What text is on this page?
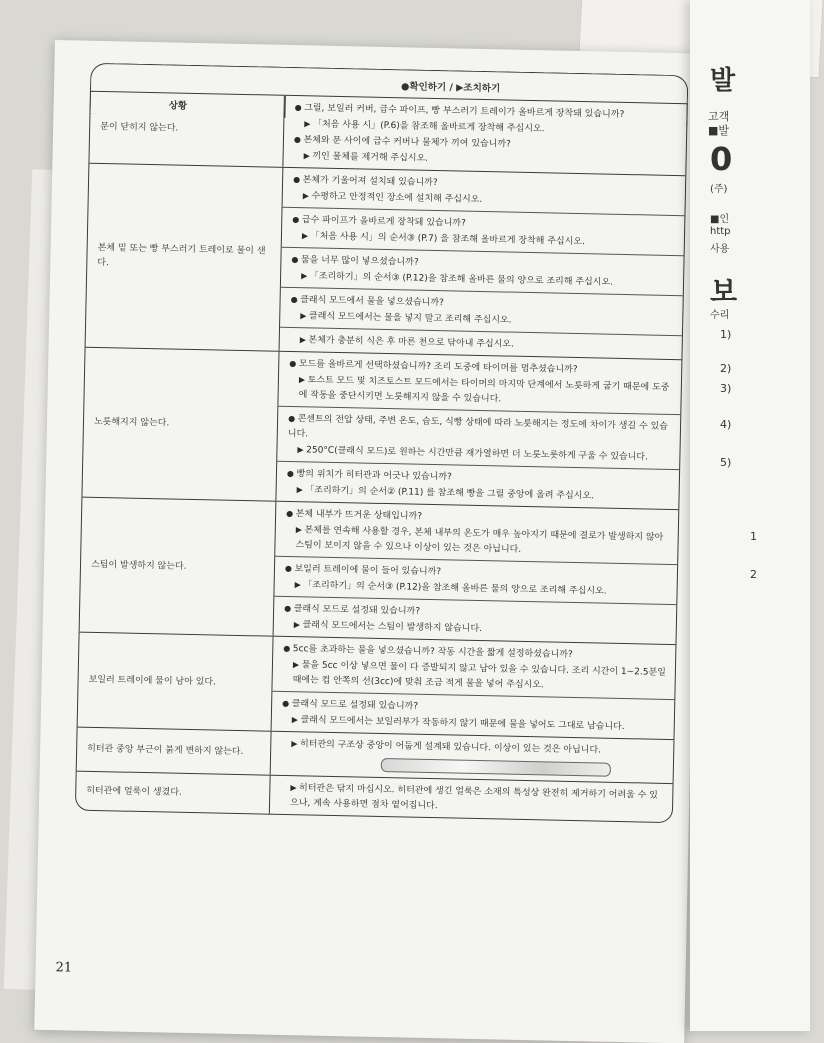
●확인하기 / ▶조치하기
상황
문이 닫히지 않는다.
● 그릴, 보일러 커버, 급수 파이프, 빵 부스러기 트레이가 올바르게 장착돼 있습니까?
▶ 「처음 사용 시」(P.6)을 참조해 올바르게 장착해 주십시오.
● 본체와 문 사이에 급수 커버나 물체가 끼여 있습니까?
▶ 끼인 물체를 제거해 주십시오.
본체 밑 또는 빵 부스러기 트레이로 물이 샌다.
● 본체가 기울어져 설치돼 있습니까?
▶ 수평하고 안정적인 장소에 설치해 주십시오.
● 급수 파이프가 올바르게 장착돼 있습니까?
▶ 「처음 사용 시」의 순서③ (P.7) 을 참조해 올바르게 장착해 주십시오.
● 물을 너무 많이 넣으셨습니까?
▶ 「조리하기」의 순서③ (P.12)을 참조해 올바른 물의 양으로 조리해 주십시오.
● 클래식 모드에서 물을 넣으셨습니까?
▶ 클래식 모드에서는 물을 넣지 말고 조리해 주십시오.
▶ 본체가 충분히 식은 후 마른 천으로 닦아내 주십시오.
노릇해지지 않는다.
● 모드를 올바르게 선택하셨습니까? 조리 도중에 타이머를 멈추셨습니까?
▶ 토스트 모드 및 치즈토스트 모드에서는 타이머의 마지막 단계에서 노릇하게 굽기 때문에 도중에 작동을 중단시키면 노릇해지지 않을 수 있습니다.
● 콘센트의 전압 상태, 주변 온도, 습도, 식빵 상태에 따라 노릇해지는 정도에 차이가 생길 수 있습니다.
▶ 250°C(클래식 모드)로 원하는 시간만큼 재가열하면 더 노릇노릇하게 구울 수 있습니다.
● 빵의 위치가 히터관과 어긋나 있습니까?
▶ 「조리하기」의 순서② (P.11) 를 참조해 빵을 그릴 중앙에 올려 주십시오.
스팀이 발생하지 않는다.
● 본체 내부가 뜨거운 상태입니까?
▶ 본체를 연속해 사용할 경우, 본체 내부의 온도가 매우 높아지기 때문에 결로가 발생하지 않아 스팀이 보이지 않을 수 있으나 이상이 있는 것은 아닙니다.
● 보일러 트레이에 물이 들어 있습니까?
▶ 「조리하기」의 순서③ (P.12)을 참조해 올바른 물의 양으로 조리해 주십시오.
● 클래식 모드로 설정돼 있습니까?
▶ 클래식 모드에서는 스팀이 발생하지 않습니다.
보일러 트레이에 물이 남아 있다.
● 5cc를 초과하는 물을 넣으셨습니까? 작동 시간을 짧게 설정하셨습니까?
▶ 물을 5cc 이상 넣으면 물이 다 증발되지 않고 남아 있을 수 있습니다. 조리 시간이 1~2.5분일 때에는 컵 안쪽의 선(3cc)에 맞춰 조금 적게 물을 넣어 주십시오.
● 클래식 모드로 설정돼 있습니까?
▶ 클래식 모드에서는 보일러부가 작동하지 않기 때문에 물을 넣어도 그대로 남습니다.
히터관 중앙 부근이 붉게 변하지 않는다.	▶ 히터관의 구조상 중앙이 어둡게 설계돼 있습니다. 이상이 있는 것은 아닙니다.
히터관에 얼룩이 생겼다.	▶ 히터관은 닦지 마십시오. 히터관에 생긴 얼룩은 소재의 특성상 완전히 제거하기 어려울 수 있으나, 계속 사용하면 점차 옅어집니다.
21
발
고객
■발
0
(주)
■인
http
사용
보
수리
1)
2)
3)
4)
5)
1
2
